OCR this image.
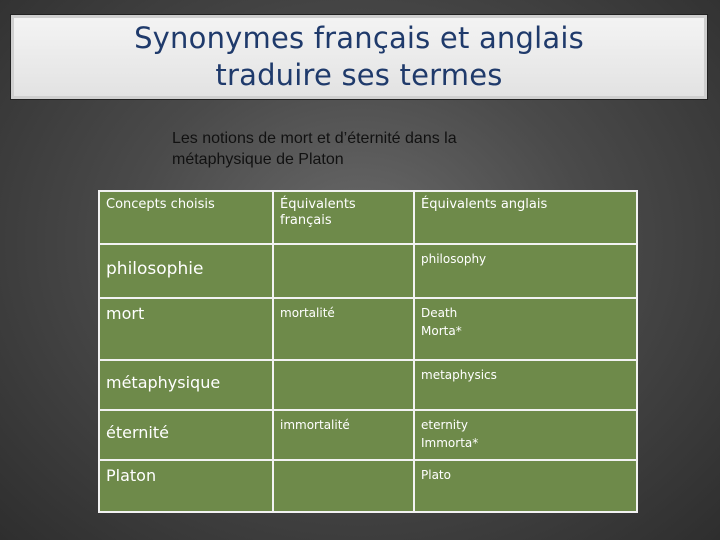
Synonymes français et anglais
traduire ses termes
Les notions de mort et d’éternité dans la
métaphysique de Platon
Concepts choisis	Équivalents français	Équivalents anglais
philosophie		philosophy

mort	mortalité	Death
Morta*

métaphysique		metaphysics

éternité	immortalité	eternity
Immorta*

Platon		Plato
